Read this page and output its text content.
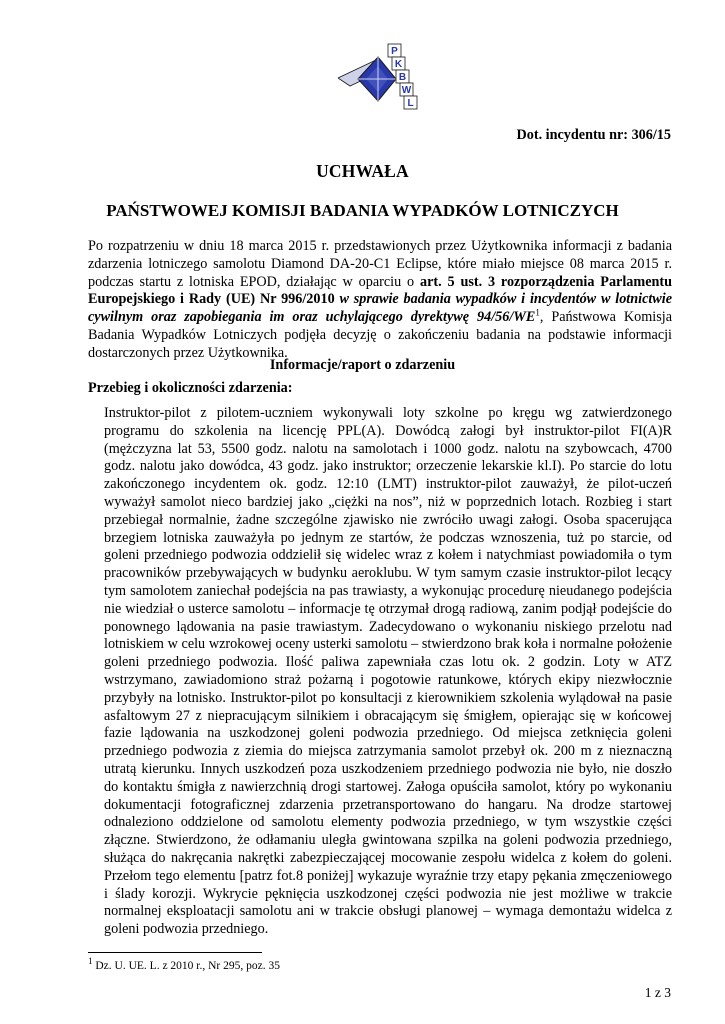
P
K
B
W
L
Dot. incydentu nr: 306/15
UCHWAŁA
PAŃSTWOWEJ KOMISJI BADANIA WYPADKÓW LOTNICZYCH
Po rozpatrzeniu w dniu 18 marca 2015 r. przedstawionych przez Użytkownika informacji z badania zdarzenia lotniczego samolotu Diamond DA-20-C1 Eclipse, które miało miejsce 08 marca 2015 r. podczas startu z lotniska EPOD, działając w oparciu o art. 5 ust. 3 rozporządzenia Parlamentu Europejskiego i Rady (UE) Nr 996/2010 w sprawie badania wypadków i incydentów w lotnictwie cywilnym oraz zapobiegania im oraz uchylającego dyrektywę $94/56/WE^1$, Państwowa Komisja Badania Wypadków Lotniczych podjęła decyzję o zakończeniu badania na podstawie informacji dostarczonych przez Użytkownika.
Informacje/raport o zdarzeniu
Przebieg i okoliczności zdarzenia:
Instruktor-pilot z pilotem-uczniem wykonywali loty szkolne po kręgu wg zatwierdzonego programu do szkolenia na licencję PPL(A). Dowódcą załogi był instruktor-pilot FI(A)R (mężczyzna lat 53, 5500 godz. nalotu na samolotach i 1000 godz. nalotu na szybowcach, 4700 godz. nalotu jako dowódca, 43 godz. jako instruktor; orzeczenie lekarskie kl.I). Po starcie do lotu zakończonego incydentem ok. godz. 12:10 (LMT) instruktor-pilot zauważył, że pilot-uczeń wyważył samolot nieco bardziej jako „ciężki na nos”, niż w poprzednich lotach. Rozbieg i start przebiegał normalnie, żadne szczególne zjawisko nie zwróciło uwagi załogi. Osoba spacerująca brzegiem lotniska zauważyła po jednym ze startów, że podczas wznoszenia, tuż po starcie, od goleni przedniego podwozia oddzielił się widelec wraz z kołem i natychmiast powiadomiła o tym pracowników przebywających w budynku aeroklubu. W tym samym czasie instruktor-pilot lecący tym samolotem zaniechał podejścia na pas trawiasty, a wykonując procedurę nieudanego podejścia nie wiedział o usterce samolotu – informacje tę otrzymał drogą radiową, zanim podjął podejście do ponownego lądowania na pasie trawiastym. Zadecydowano o wykonaniu niskiego przelotu nad lotniskiem w celu wzrokowej oceny usterki samolotu – stwierdzono brak koła i normalne położenie goleni przedniego podwozia. Ilość paliwa zapewniała czas lotu ok. 2 godzin. Loty w ATZ wstrzymano, zawiadomiono straż pożarną i pogotowie ratunkowe, których ekipy niezwłocznie przybyły na lotnisko. Instruktor-pilot po konsultacji z kierownikiem szkolenia wylądował na pasie asfaltowym 27 z niepracującym silnikiem i obracającym się śmigłem, opierając się w końcowej fazie lądowania na uszkodzonej goleni podwozia przedniego. Od miejsca zetknięcia goleni przedniego podwozia z ziemia do miejsca zatrzymania samolot przebył ok. 200 m z nieznaczną utratą kierunku. Innych uszkodzeń poza uszkodzeniem przedniego podwozia nie było, nie doszło do kontaktu śmigła z nawierzchnią drogi startowej. Załoga opuściła samolot, który po wykonaniu dokumentacji fotograficznej zdarzenia przetransportowano do hangaru. Na drodze startowej odnaleziono oddzielone od samolotu elementy podwozia przedniego, w tym wszystkie części złączne. Stwierdzono, że odłamaniu uległa gwintowana szpilka na goleni podwozia przedniego, służąca do nakręcania nakrętki zabezpieczającej mocowanie zespołu widelca z kołem do goleni. Przełom tego elementu [patrz fot.8 poniżej] wykazuje wyraźnie trzy etapy pękania zmęczeniowego i ślady korozji. Wykrycie pęknięcia uszkodzonej części podwozia nie jest możliwe w trakcie normalnej eksploatacji samolotu ani w trakcie obsługi planowej – wymaga demontażu widelca z goleni podwozia przedniego.
$^1$ Dz. U. UE. L. z 2010 r., Nr 295, poz. 35
1 z 3
